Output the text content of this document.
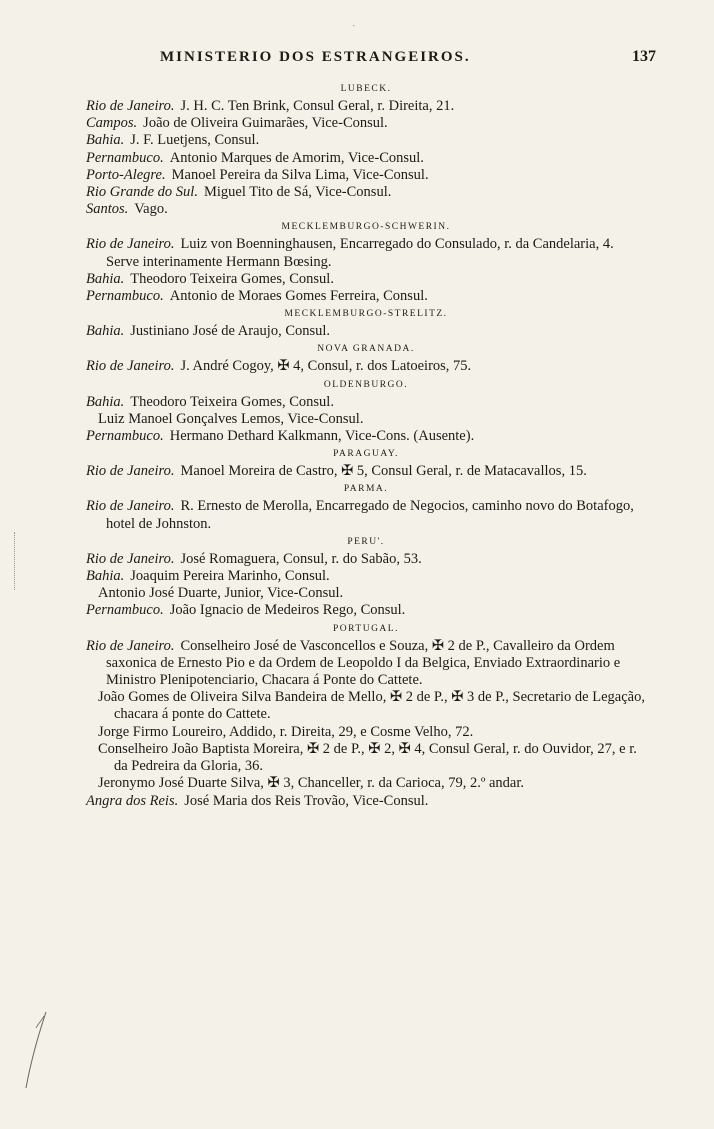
ˎ
MINISTERIO DOS ESTRANGEIROS.	137
LUBECK.
Rio de Janeiro. J. H. C. Ten Brink, Consul Geral, r. Direita, 21.
Campos. João de Oliveira Guimarães, Vice-Consul.
Bahia. J. F. Luetjens, Consul.
Pernambuco. Antonio Marques de Amorim, Vice-Consul.
Porto-Alegre. Manoel Pereira da Silva Lima, Vice-Consul.
Rio Grande do Sul. Miguel Tito de Sá, Vice-Consul.
Santos. Vago.
MECKLEMBURGO-SCHWERIN.
Rio de Janeiro. Luiz von Boenninghausen, Encarregado do Consulado, r. da Candelaria, 4. Serve interinamente Hermann Bœsing.
Bahia. Theodoro Teixeira Gomes, Consul.
Pernambuco. Antonio de Moraes Gomes Ferreira, Consul.
MECKLEMBURGO-STRELITZ.
Bahia. Justiniano José de Araujo, Consul.
NOVA GRANADA.
Rio de Janeiro. J. André Cogoy, ✠ 4, Consul, r. dos Latoeiros, 75.
OLDENBURGO.
Bahia. Theodoro Teixeira Gomes, Consul.
Luiz Manoel Gonçalves Lemos, Vice-Consul.
Pernambuco. Hermano Dethard Kalkmann, Vice-Cons. (Ausente).
PARAGUAY.
Rio de Janeiro. Manoel Moreira de Castro, ✠ 5, Consul Geral, r. de Matacavallos, 15.
PARMA.
Rio de Janeiro. R. Ernesto de Merolla, Encarregado de Negocios, caminho novo do Botafogo, hotel de Johnston.
PERU'.
Rio de Janeiro. José Romaguera, Consul, r. do Sabão, 53.
Bahia. Joaquim Pereira Marinho, Consul.
Antonio José Duarte, Junior, Vice-Consul.
Pernambuco. João Ignacio de Medeiros Rego, Consul.
PORTUGAL.
Rio de Janeiro. Conselheiro José de Vasconcellos e Souza, ✠ 2 de P., Cavalleiro da Ordem saxonica de Ernesto Pio e da Ordem de Leopoldo I da Belgica, Enviado Extraordinario e Ministro Plenipotenciario, Chacara á Ponte do Cattete.
João Gomes de Oliveira Silva Bandeira de Mello, ✠ 2 de P., ✠ 3 de P., Secretario de Legação, chacara á ponte do Cattete.
Jorge Firmo Loureiro, Addido, r. Direita, 29, e Cosme Velho, 72.
Conselheiro João Baptista Moreira, ✠ 2 de P., ✠ 2, ✠ 4, Consul Geral, r. do Ouvidor, 27, e r. da Pedreira da Gloria, 36.
Jeronymo José Duarte Silva, ✠ 3, Chanceller, r. da Carioca, 79, 2.º andar.
Angra dos Reis. José Maria dos Reis Trovão, Vice-Consul.
